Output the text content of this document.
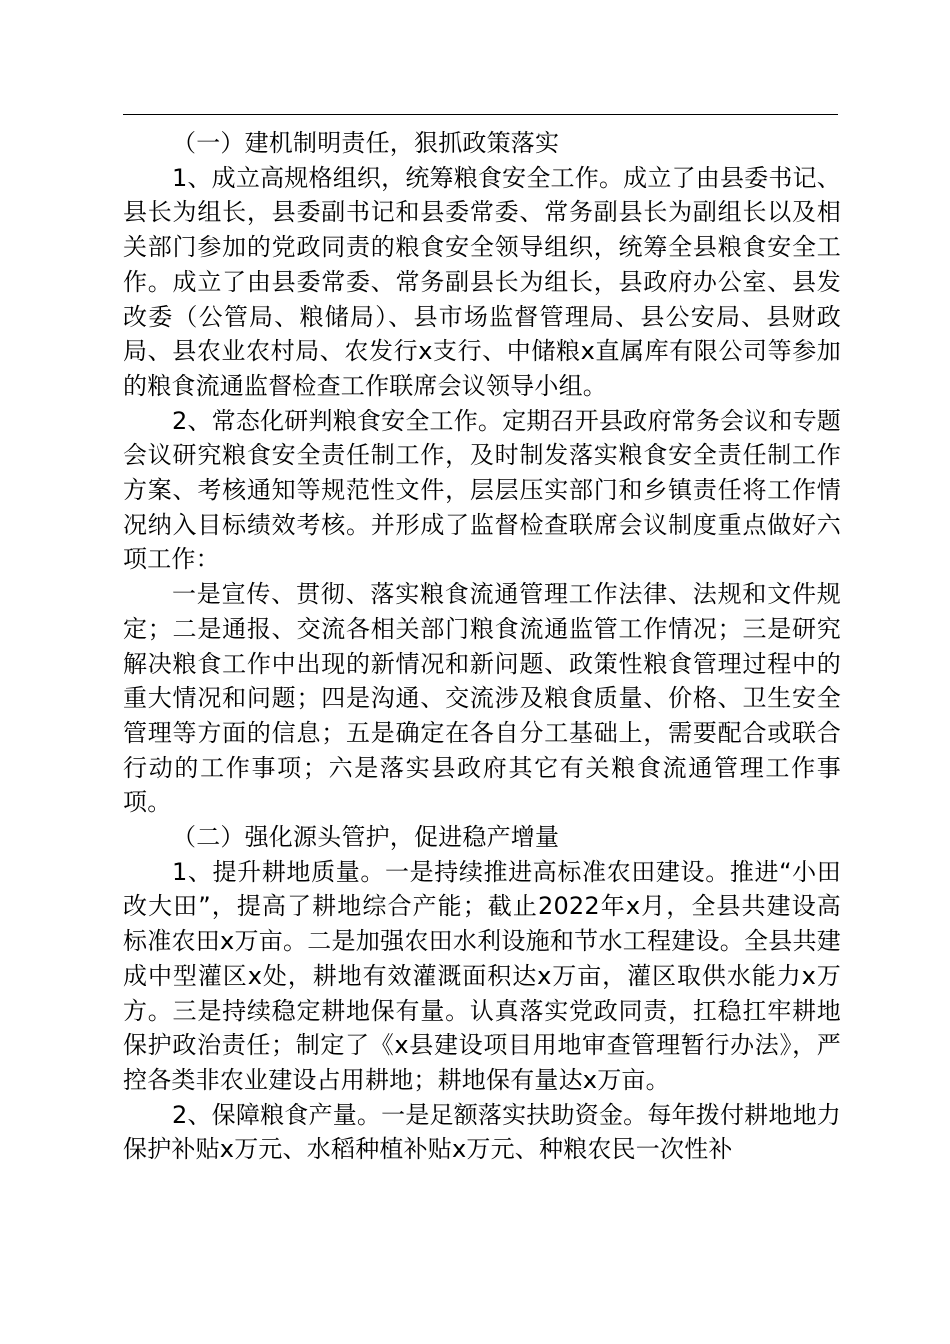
（一）建机制明责任，狠抓政策落实

1、成立高规格组织，统筹粮食安全工作。成立了由县委书记、县长为组长，县委副书记和县委常委、常务副县长为副组长以及相关部门参加的党政同责的粮食安全领导组织，统筹全县粮食安全工作。成立了由县委常委、常务副县长为组长，县政府办公室、县发改委（公管局、粮储局）、县市场监督管理局、县公安局、县财政局、县农业农村局、农发行x支行、中储粮x直属库有限公司等参加的粮食流通监督检查工作联席会议领导小组。

2、常态化研判粮食安全工作。定期召开县政府常务会议和专题会议研究粮食安全责任制工作，及时制发落实粮食安全责任制工作方案、考核通知等规范性文件，层层压实部门和乡镇责任将工作情况纳入目标绩效考核。并形成了监督检查联席会议制度重点做好六项工作：

一是宣传、贯彻、落实粮食流通管理工作法律、法规和文件规定；二是通报、交流各相关部门粮食流通监管工作情况；三是研究解决粮食工作中出现的新情况和新问题、政策性粮食管理过程中的重大情况和问题；四是沟通、交流涉及粮食质量、价格、卫生安全管理等方面的信息；五是确定在各自分工基础上，需要配合或联合行动的工作事项；六是落实县政府其它有关粮食流通管理工作事项。

（二）强化源头管护，促进稳产增量

1、提升耕地质量。一是持续推进高标准农田建设。推进“小田改大田”，提高了耕地综合产能；截止2022年x月，全县共建设高标准农田x万亩。二是加强农田水利设施和节水工程建设。全县共建成中型灌区x处，耕地有效灌溉面积达x万亩，灌区取供水能力x万方。三是持续稳定耕地保有量。认真落实党政同责，扛稳扛牢耕地保护政治责任；制定了《x县建设项目用地审查管理暂行办法》，严控各类非农业建设占用耕地；耕地保有量达x万亩。

2、保障粮食产量。一是足额落实扶助资金。每年拨付耕地地力保护补贴x万元、水稻种植补贴x万元、种粮农民一次性补
